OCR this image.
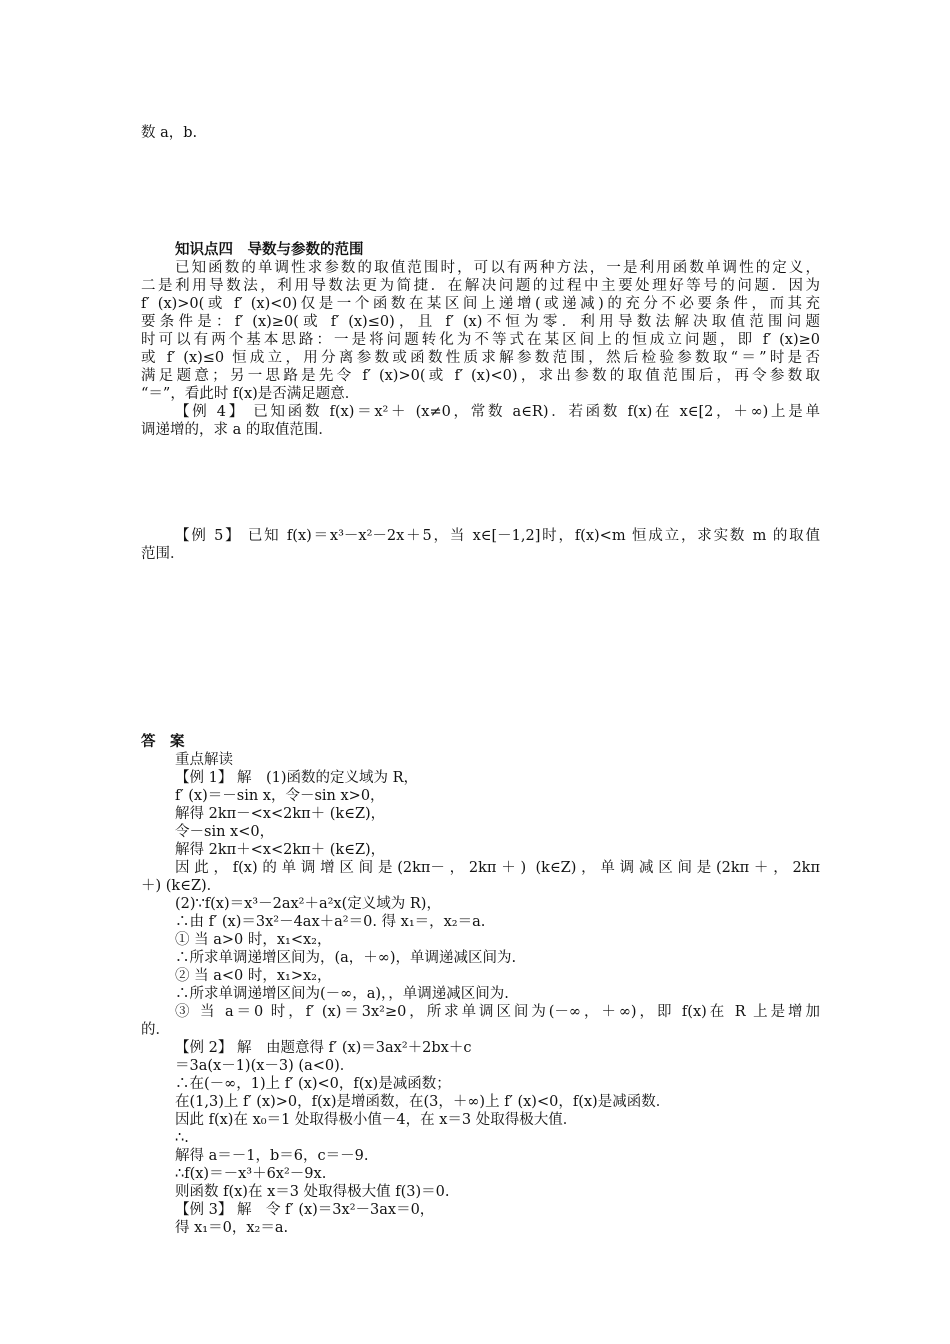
数 a，b.
知识点四　导数与参数的范围
已知函数的单调性求参数的取值范围时，可以有两种方法，一是利用函数单调性的定义，
二是利用导数法，利用导数法更为简捷．在解决问题的过程中主要处理好等号的问题．因为
f′ (x)>0(或 f′ (x)<0)仅是一个函数在某区间上递增(或递减)的充分不必要条件，而其充
要条件是：f′ (x)≥0(或 f′ (x)≤0)，且 f′ (x)不恒为零．利用导数法解决取值范围问题
时可以有两个基本思路：一是将问题转化为不等式在某区间上的恒成立问题，即 f′ (x)≥0
或 f′ (x)≤0 恒成立，用分离参数或函数性质求解参数范围，然后检验参数取“＝”时是否
满足题意；另一思路是先令 f′ (x)>0(或 f′ (x)<0)，求出参数的取值范围后，再令参数取
“＝”，看此时 f(x)是否满足题意．
【例 4】 已知函数 f(x)＝x²＋ (x≠0，常数 a∈R)．若函数 f(x)在 x∈[2，＋∞)上是单
调递增的，求 a 的取值范围．
【例 5】 已知 f(x)＝x³－x²－2x＋5，当 x∈[－1,2]时，f(x)<m 恒成立，求实数 m 的取值
范围．
答　案
重点解读
【例 1】 解　(1)函数的定义域为 R，
f′ (x)＝－sin x，令－sin x>0，
解得 2kπ－<x<2kπ＋ (k∈Z)，
令－sin x<0，
解得 2kπ＋<x<2kπ＋ (k∈Z)，
因此，f(x)的单调增区间是(2kπ－，2kπ＋) (k∈Z)，单调减区间是(2kπ＋，2kπ
＋) (k∈Z)．
(2)∵f(x)＝x³－2ax²＋a²x(定义域为 R)，
∴由 f′ (x)＝3x²－4ax＋a²＝0. 得 x₁＝，x₂＝a.
① 当 a>0 时，x₁<x₂，
∴所求单调递增区间为，(a，＋∞)，单调递减区间为.
② 当 a<0 时，x₁>x₂，
∴所求单调递增区间为(－∞，a)，，单调递减区间为.
③ 当 a＝0 时，f′ (x)＝3x²≥0，所求单调区间为(－∞，＋∞)，即 f(x)在 R 上是增加
的．
【例 2】 解　由题意得 f′ (x)＝3ax²＋2bx＋c
＝3a(x－1)(x－3) (a<0)．
∴在(－∞，1)上 f′ (x)<0，f(x)是减函数；
在(1,3)上 f′ (x)>0，f(x)是增函数，在(3，＋∞)上 f′ (x)<0，f(x)是减函数．
因此 f(x)在 x₀＝1 处取得极小值－4，在 x＝3 处取得极大值．
∴.
解得 a＝－1，b＝6，c＝－9.
∴f(x)＝－x³＋6x²－9x.
则函数 f(x)在 x＝3 处取得极大值 f(3)＝0.
【例 3】 解　令 f′ (x)＝3x²－3ax＝0，
得 x₁＝0，x₂＝a.
